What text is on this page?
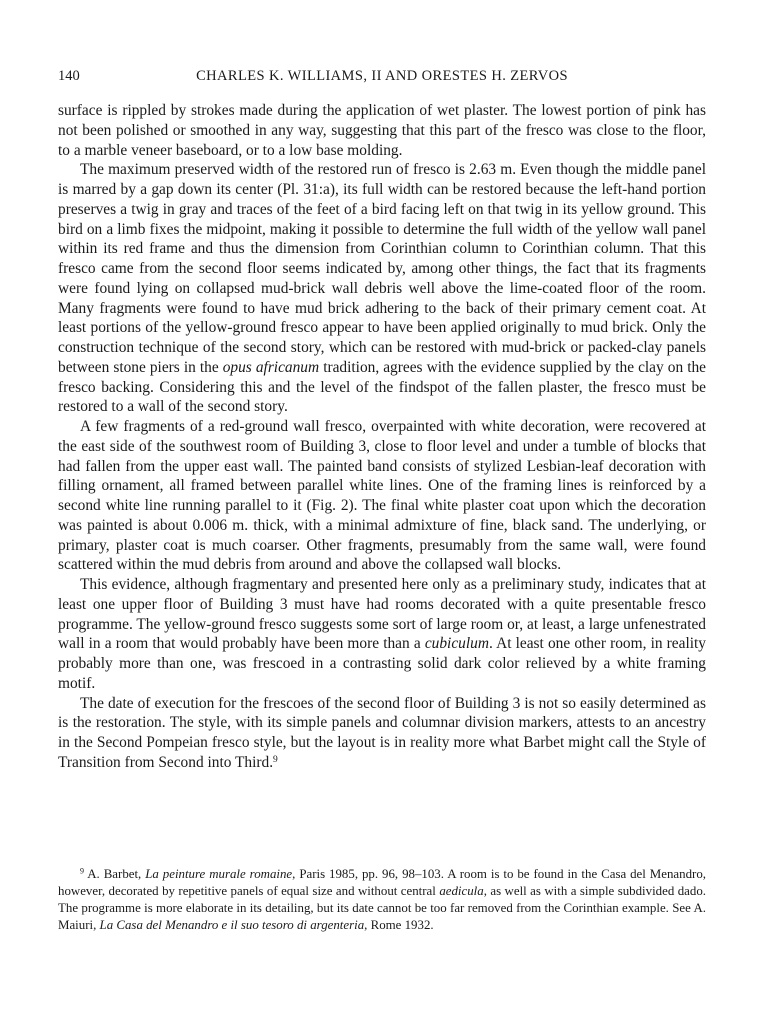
140	CHARLES K. WILLIAMS, II AND ORESTES H. ZERVOS

surface is rippled by strokes made during the application of wet plaster. The lowest portion of pink has not been polished or smoothed in any way, suggesting that this part of the fresco was close to the floor, to a marble veneer baseboard, or to a low base molding.

The maximum preserved width of the restored run of fresco is 2.63 m. Even though the middle panel is marred by a gap down its center (Pl. 31:a), its full width can be restored because the left-hand portion preserves a twig in gray and traces of the feet of a bird facing left on that twig in its yellow ground. This bird on a limb fixes the midpoint, making it possible to determine the full width of the yellow wall panel within its red frame and thus the dimension from Corinthian column to Corinthian column. That this fresco came from the second floor seems indicated by, among other things, the fact that its fragments were found lying on collapsed mud-brick wall debris well above the lime-coated floor of the room. Many fragments were found to have mud brick adhering to the back of their primary cement coat. At least portions of the yellow-ground fresco appear to have been applied originally to mud brick. Only the construction technique of the second story, which can be restored with mud-brick or packed-clay panels between stone piers in the opus africanum tradition, agrees with the evidence supplied by the clay on the fresco backing. Considering this and the level of the findspot of the fallen plaster, the fresco must be restored to a wall of the second story.

A few fragments of a red-ground wall fresco, overpainted with white decoration, were recovered at the east side of the southwest room of Building 3, close to floor level and under a tumble of blocks that had fallen from the upper east wall. The painted band consists of stylized Lesbian-leaf decoration with filling ornament, all framed between parallel white lines. One of the framing lines is reinforced by a second white line running parallel to it (Fig. 2). The final white plaster coat upon which the decoration was painted is about 0.006 m. thick, with a minimal admixture of fine, black sand. The underlying, or primary, plaster coat is much coarser. Other fragments, presumably from the same wall, were found scattered within the mud debris from around and above the collapsed wall blocks.

This evidence, although fragmentary and presented here only as a preliminary study, indicates that at least one upper floor of Building 3 must have had rooms decorated with a quite presentable fresco programme. The yellow-ground fresco suggests some sort of large room or, at least, a large unfenestrated wall in a room that would probably have been more than a cubiculum. At least one other room, in reality probably more than one, was frescoed in a contrasting solid dark color relieved by a white framing motif.

The date of execution for the frescoes of the second floor of Building 3 is not so easily determined as is the restoration. The style, with its simple panels and columnar division markers, attests to an ancestry in the Second Pompeian fresco style, but the layout is in reality more what Barbet might call the Style of Transition from Second into Third.$^9$

$^9$ A. Barbet, La peinture murale romaine, Paris 1985, pp. 96, 98–103. A room is to be found in the Casa del Menandro, however, decorated by repetitive panels of equal size and without central aedicula, as well as with a simple subdivided dado. The programme is more elaborate in its detailing, but its date cannot be too far removed from the Corinthian example. See A. Maiuri, La Casa del Menandro e il suo tesoro di argenteria, Rome 1932.
